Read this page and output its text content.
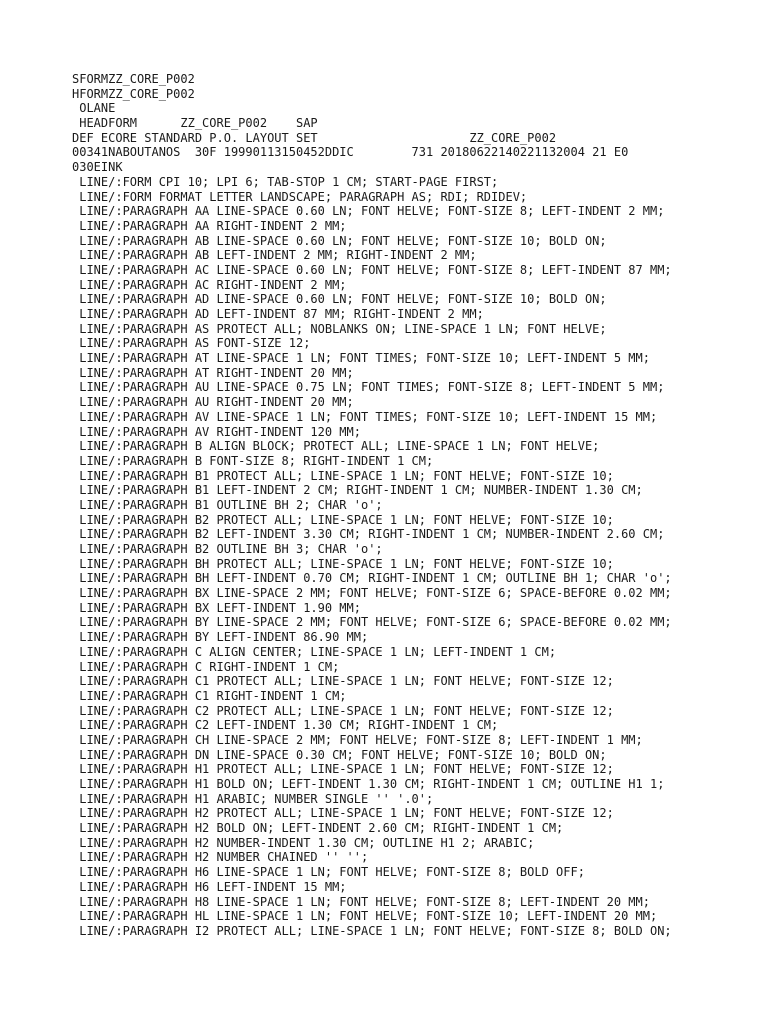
SFORMZZ_CORE_P002
HFORMZZ_CORE_P002
OLANE
HEADFORM      ZZ_CORE_P002    SAP
DEF ECORE STANDARD P.O. LAYOUT SET                     ZZ_CORE_P002
00341NABOUTANOS  30F 19990113150452DDIC        731 20180622140221132004 21 E0
030EINK
LINE/:FORM CPI 10; LPI 6; TAB-STOP 1 CM; START-PAGE FIRST;
LINE/:FORM FORMAT LETTER LANDSCAPE; PARAGRAPH AS; RDI; RDIDEV;
LINE/:PARAGRAPH AA LINE-SPACE 0.60 LN; FONT HELVE; FONT-SIZE 8; LEFT-INDENT 2 MM;
LINE/:PARAGRAPH AA RIGHT-INDENT 2 MM;
LINE/:PARAGRAPH AB LINE-SPACE 0.60 LN; FONT HELVE; FONT-SIZE 10; BOLD ON;
LINE/:PARAGRAPH AB LEFT-INDENT 2 MM; RIGHT-INDENT 2 MM;
LINE/:PARAGRAPH AC LINE-SPACE 0.60 LN; FONT HELVE; FONT-SIZE 8; LEFT-INDENT 87 MM;
LINE/:PARAGRAPH AC RIGHT-INDENT 2 MM;
LINE/:PARAGRAPH AD LINE-SPACE 0.60 LN; FONT HELVE; FONT-SIZE 10; BOLD ON;
LINE/:PARAGRAPH AD LEFT-INDENT 87 MM; RIGHT-INDENT 2 MM;
LINE/:PARAGRAPH AS PROTECT ALL; NOBLANKS ON; LINE-SPACE 1 LN; FONT HELVE;
LINE/:PARAGRAPH AS FONT-SIZE 12;
LINE/:PARAGRAPH AT LINE-SPACE 1 LN; FONT TIMES; FONT-SIZE 10; LEFT-INDENT 5 MM;
LINE/:PARAGRAPH AT RIGHT-INDENT 20 MM;
LINE/:PARAGRAPH AU LINE-SPACE 0.75 LN; FONT TIMES; FONT-SIZE 8; LEFT-INDENT 5 MM;
LINE/:PARAGRAPH AU RIGHT-INDENT 20 MM;
LINE/:PARAGRAPH AV LINE-SPACE 1 LN; FONT TIMES; FONT-SIZE 10; LEFT-INDENT 15 MM;
LINE/:PARAGRAPH AV RIGHT-INDENT 120 MM;
LINE/:PARAGRAPH B ALIGN BLOCK; PROTECT ALL; LINE-SPACE 1 LN; FONT HELVE;
LINE/:PARAGRAPH B FONT-SIZE 8; RIGHT-INDENT 1 CM;
LINE/:PARAGRAPH B1 PROTECT ALL; LINE-SPACE 1 LN; FONT HELVE; FONT-SIZE 10;
LINE/:PARAGRAPH B1 LEFT-INDENT 2 CM; RIGHT-INDENT 1 CM; NUMBER-INDENT 1.30 CM;
LINE/:PARAGRAPH B1 OUTLINE BH 2; CHAR 'o';
LINE/:PARAGRAPH B2 PROTECT ALL; LINE-SPACE 1 LN; FONT HELVE; FONT-SIZE 10;
LINE/:PARAGRAPH B2 LEFT-INDENT 3.30 CM; RIGHT-INDENT 1 CM; NUMBER-INDENT 2.60 CM;
LINE/:PARAGRAPH B2 OUTLINE BH 3; CHAR 'o';
LINE/:PARAGRAPH BH PROTECT ALL; LINE-SPACE 1 LN; FONT HELVE; FONT-SIZE 10;
LINE/:PARAGRAPH BH LEFT-INDENT 0.70 CM; RIGHT-INDENT 1 CM; OUTLINE BH 1; CHAR 'o';
LINE/:PARAGRAPH BX LINE-SPACE 2 MM; FONT HELVE; FONT-SIZE 6; SPACE-BEFORE 0.02 MM;
LINE/:PARAGRAPH BX LEFT-INDENT 1.90 MM;
LINE/:PARAGRAPH BY LINE-SPACE 2 MM; FONT HELVE; FONT-SIZE 6; SPACE-BEFORE 0.02 MM;
LINE/:PARAGRAPH BY LEFT-INDENT 86.90 MM;
LINE/:PARAGRAPH C ALIGN CENTER; LINE-SPACE 1 LN; LEFT-INDENT 1 CM;
LINE/:PARAGRAPH C RIGHT-INDENT 1 CM;
LINE/:PARAGRAPH C1 PROTECT ALL; LINE-SPACE 1 LN; FONT HELVE; FONT-SIZE 12;
LINE/:PARAGRAPH C1 RIGHT-INDENT 1 CM;
LINE/:PARAGRAPH C2 PROTECT ALL; LINE-SPACE 1 LN; FONT HELVE; FONT-SIZE 12;
LINE/:PARAGRAPH C2 LEFT-INDENT 1.30 CM; RIGHT-INDENT 1 CM;
LINE/:PARAGRAPH CH LINE-SPACE 2 MM; FONT HELVE; FONT-SIZE 8; LEFT-INDENT 1 MM;
LINE/:PARAGRAPH DN LINE-SPACE 0.30 CM; FONT HELVE; FONT-SIZE 10; BOLD ON;
LINE/:PARAGRAPH H1 PROTECT ALL; LINE-SPACE 1 LN; FONT HELVE; FONT-SIZE 12;
LINE/:PARAGRAPH H1 BOLD ON; LEFT-INDENT 1.30 CM; RIGHT-INDENT 1 CM; OUTLINE H1 1;
LINE/:PARAGRAPH H1 ARABIC; NUMBER SINGLE '' '.0';
LINE/:PARAGRAPH H2 PROTECT ALL; LINE-SPACE 1 LN; FONT HELVE; FONT-SIZE 12;
LINE/:PARAGRAPH H2 BOLD ON; LEFT-INDENT 2.60 CM; RIGHT-INDENT 1 CM;
LINE/:PARAGRAPH H2 NUMBER-INDENT 1.30 CM; OUTLINE H1 2; ARABIC;
LINE/:PARAGRAPH H2 NUMBER CHAINED '' '';
LINE/:PARAGRAPH H6 LINE-SPACE 1 LN; FONT HELVE; FONT-SIZE 8; BOLD OFF;
LINE/:PARAGRAPH H6 LEFT-INDENT 15 MM;
LINE/:PARAGRAPH H8 LINE-SPACE 1 LN; FONT HELVE; FONT-SIZE 8; LEFT-INDENT 20 MM;
LINE/:PARAGRAPH HL LINE-SPACE 1 LN; FONT HELVE; FONT-SIZE 10; LEFT-INDENT 20 MM;
LINE/:PARAGRAPH I2 PROTECT ALL; LINE-SPACE 1 LN; FONT HELVE; FONT-SIZE 8; BOLD ON;
